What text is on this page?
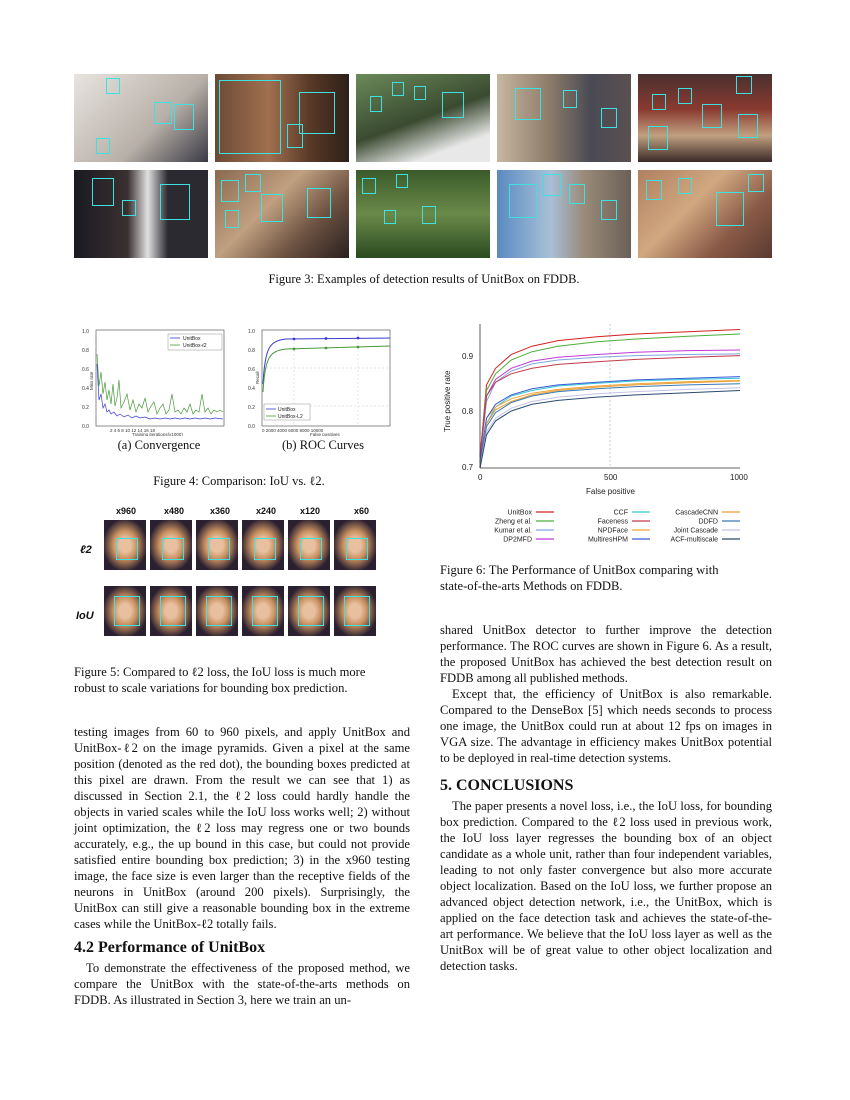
Figure 3: Examples of detection results of UnitBox on FDDB.
UnitBox
UnitBox-ℓ2
1.0
0.8
0.6
0.4
0.2
0.0
2 4 6 8 10 12 14 16 18
Training iterations(x1000)
Miss rate
(a) Convergence
UnitBox
UnitBox-L2
1.0
0.8
0.6
0.4
0.2
0.0
0 2000 4000 6000 8000 10000
False positives
Recall
(b) ROC Curves
Figure 4: Comparison: IoU vs. ℓ2.
x960	x480	x360	x240	x120	x60
ℓ2
IoU
Figure 5: Compared to ℓ2 loss, the IoU loss is much more
robust to scale variations for bounding box prediction.

testing images from 60 to 960 pixels, and apply UnitBox and UnitBox-ℓ2 on the image pyramids. Given a pixel at the same position (denoted as the red dot), the bounding boxes predicted at this pixel are drawn. From the result we can see that 1) as discussed in Section 2.1, the ℓ2 loss could hardly handle the objects in varied scales while the IoU loss works well; 2) without joint optimization, the ℓ2 loss may regress one or two bounds accurately, e.g., the up bound in this case, but could not provide satisfied entire bounding box prediction; 3) in the x960 testing image, the face size is even larger than the receptive fields of the neurons in UnitBox (around 200 pixels). Surprisingly, the UnitBox can still give a reasonable bounding box in the extreme cases while the UnitBox-ℓ2 totally fails.

4.2 Performance of UnitBox

To demonstrate the effectiveness of the proposed method, we compare the UnitBox with the state-of-the-arts methods on FDDB. As illustrated in Section 3, here we train an un-

0.9
0.8
0.7
0	500	1000
False positive
True positive rate
UnitBox
Zheng et al.
Kumar et al.
DP2MFD
CCF
Faceness
NPDFace
MultiresHPM
CascadeCNN
DDFD
Joint Cascade
ACF-multiscale
Figure 6: The Performance of UnitBox comparing with
state-of-the-arts Methods on FDDB.

shared UnitBox detector to further improve the detection performance. The ROC curves are shown in Figure 6. As a result, the proposed UnitBox has achieved the best detection result on FDDB among all published methods.

Except that, the efficiency of UnitBox is also remarkable. Compared to the DenseBox [5] which needs seconds to process one image, the UnitBox could run at about 12 fps on images in VGA size. The advantage in efficiency makes UnitBox potential to be deployed in real-time detection systems.

5. CONCLUSIONS

The paper presents a novel loss, i.e., the IoU loss, for bounding box prediction. Compared to the ℓ2 loss used in previous work, the IoU loss layer regresses the bounding box of an object candidate as a whole unit, rather than four independent variables, leading to not only faster convergence but also more accurate object localization. Based on the IoU loss, we further propose an advanced object detection network, i.e., the UnitBox, which is applied on the face detection task and achieves the state-of-the-art performance. We believe that the IoU loss layer as well as the UnitBox will be of great value to other object localization and detection tasks.
